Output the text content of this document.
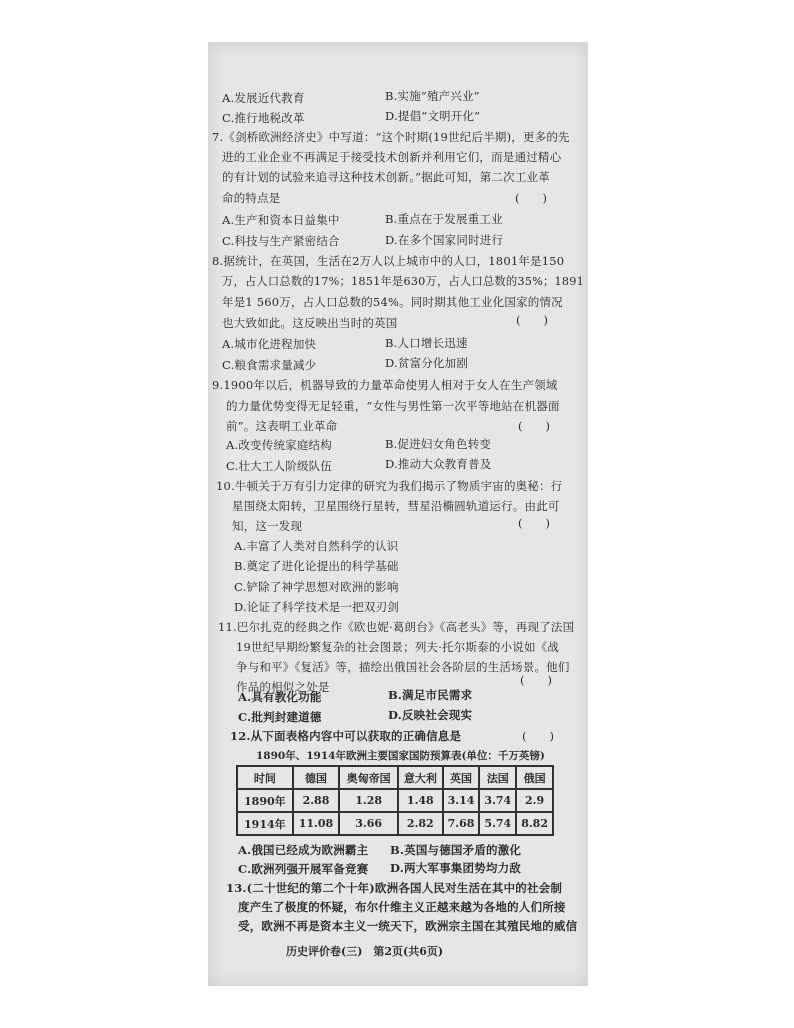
A.发展近代教育	B.实施“殖产兴业”
C.推行地税改革	D.提倡“文明开化”
7.《剑桥欧洲经济史》中写道：“这个时期(19世纪后半期)，更多的先
进的工业企业不再满足于接受技术创新并利用它们，而是通过精心
的有计划的试验来追寻这种技术创新。”据此可知，第二次工业革
命的特点是	(　　)
A.生产和资本日益集中	B.重点在于发展重工业
C.科技与生产紧密结合	D.在多个国家同时进行
8.据统计，在英国，生活在2万人以上城市中的人口，1801年是150
万，占人口总数的17%；1851年是630万，占人口总数的35%；1891
年是1 560万，占人口总数的54%。同时期其他工业化国家的情况
也大致如此。这反映出当时的英国	(　　)
A.城市化进程加快	B.人口增长迅速
C.粮食需求量减少	D.贫富分化加剧
9.1900年以后，机器导致的力量革命使男人相对于女人在生产领域
的力量优势变得无足轻重，“女性与男性第一次平等地站在机器面
前”。这表明工业革命	(　　)
A.改变传统家庭结构	B.促进妇女角色转变
C.壮大工人阶级队伍	D.推动大众教育普及
10.牛顿关于万有引力定律的研究为我们揭示了物质宇宙的奥秘：行
星围绕太阳转，卫星围绕行星转，彗星沿椭圆轨道运行。由此可
知，这一发现	(　　)
A.丰富了人类对自然科学的认识
B.奠定了进化论提出的科学基础
C.铲除了神学思想对欧洲的影响
D.论证了科学技术是一把双刃剑
11.巴尔扎克的经典之作《欧也妮·葛朗台》《高老头》等，再现了法国
19世纪早期纷繁复杂的社会图景；列夫·托尔斯泰的小说如《战
争与和平》《复活》等，描绘出俄国社会各阶层的生活场景。他们
作品的相似之处是	(　　)
A.具有教化功能	B.满足市民需求
C.批判封建道德	D.反映社会现实
12.从下面表格内容中可以获取的正确信息是	(　　)
1890年、1914年欧洲主要国家国防预算表(单位：千万英镑)
时间	德国	奥匈帝国	意大利	英国	法国	俄国
1890年	2.88	1.28	1.48	3.14	3.74	2.9
1914年	11.08	3.66	2.82	7.68	5.74	8.82
A.俄国已经成为欧洲霸主 B.英国与德国矛盾的激化
C.欧洲列强开展军备竞赛 D.两大军事集团势均力敌
13.(二十世纪的第二个十年)欧洲各国人民对生活在其中的社会制
度产生了极度的怀疑，布尔什维主义正越来越为各地的人们所接
受，欧洲不再是资本主义一统天下，欧洲宗主国在其殖民地的威信
历史评价卷(三)　第2页(共6页)
